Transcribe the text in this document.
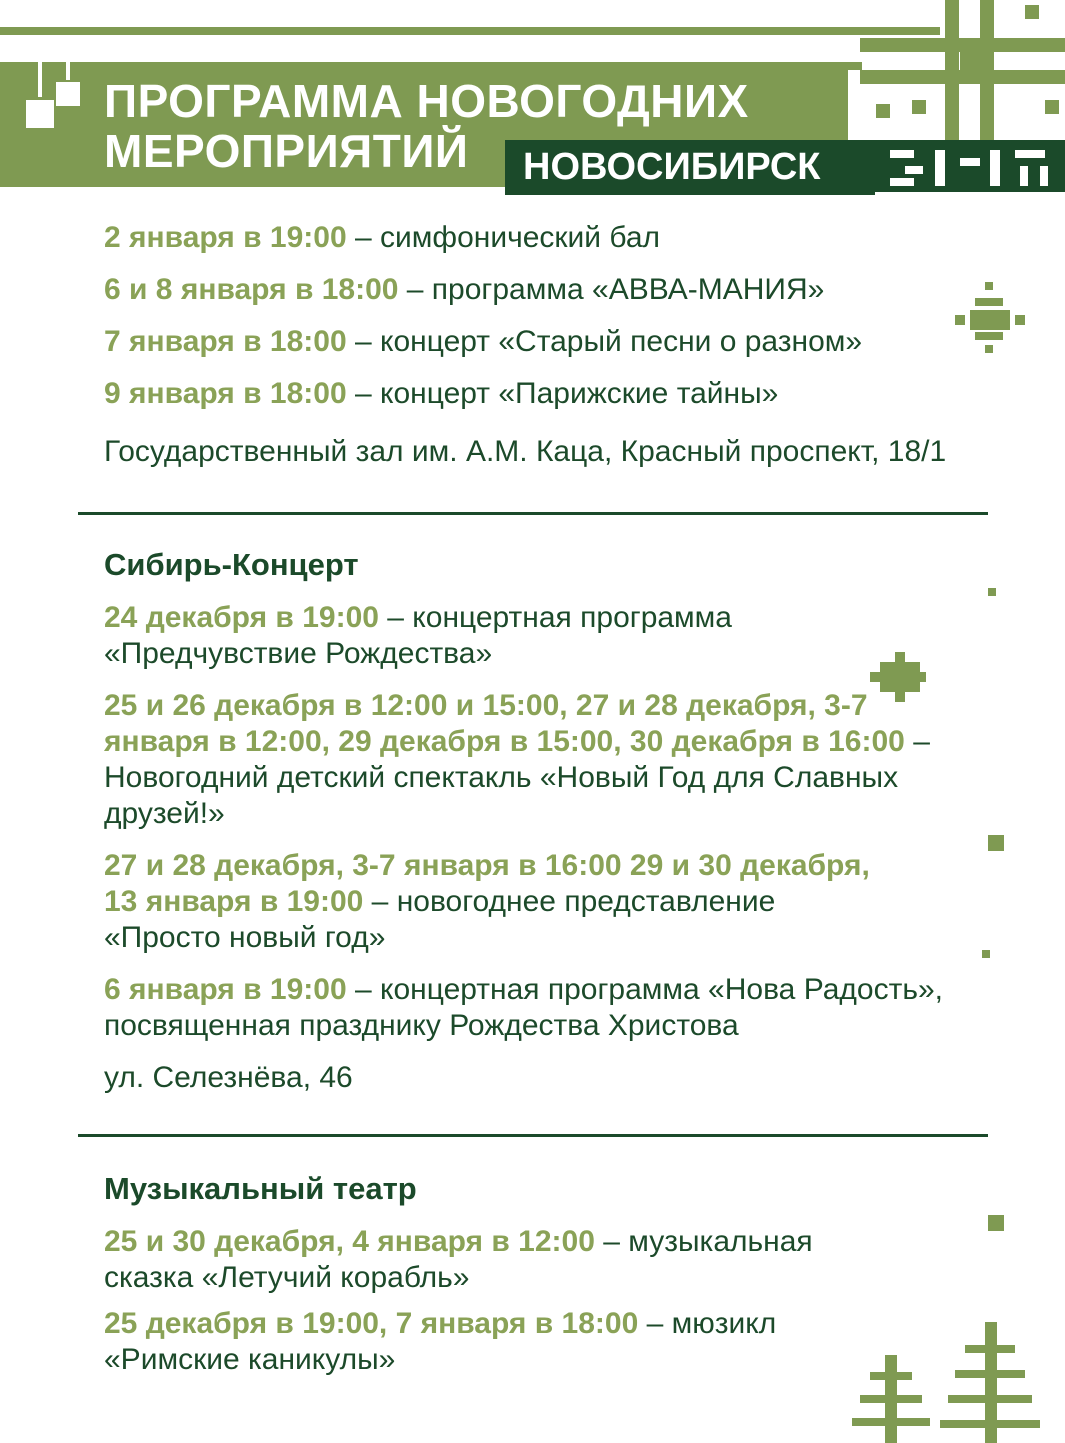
ПРОГРАММА НОВОГОДНИХ
МЕРОПРИЯТИЙ	НОВОСИБИРСК

2 января в 19:00 – симфонический бал

6 и 8 января в 18:00 – программа «АВВА-МАНИЯ»

7 января в 18:00 – концерт «Старый песни о разном»

9 января в 18:00 – концерт «Парижские тайны»

Государственный зал им. А.М. Каца, Красный проспект, 18/1

Сибирь-Концерт

24 декабря в 19:00 – концертная программа «Предчувствие Рождества»

25 и 26 декабря в 12:00 и 15:00, 27 и 28 декабря, 3-7 января в 12:00, 29 декабря в 15:00, 30 декабря в 16:00 – Новогодний детский спектакль «Новый Год для Славных друзей!»

27 и 28 декабря, 3-7 января в 16:00 29 и 30 декабря, 13 января в 19:00 – новогоднее представление «Просто новый год»

6 января в 19:00 – концертная программа «Нова Радость», посвященная празднику Рождества Христова

ул. Селезнёва, 46

Музыкальный театр

25 и 30 декабря, 4 января в 12:00 – музыкальная сказка «Летучий корабль»

25 декабря в 19:00, 7 января в 18:00 – мюзикл «Римские каникулы»
